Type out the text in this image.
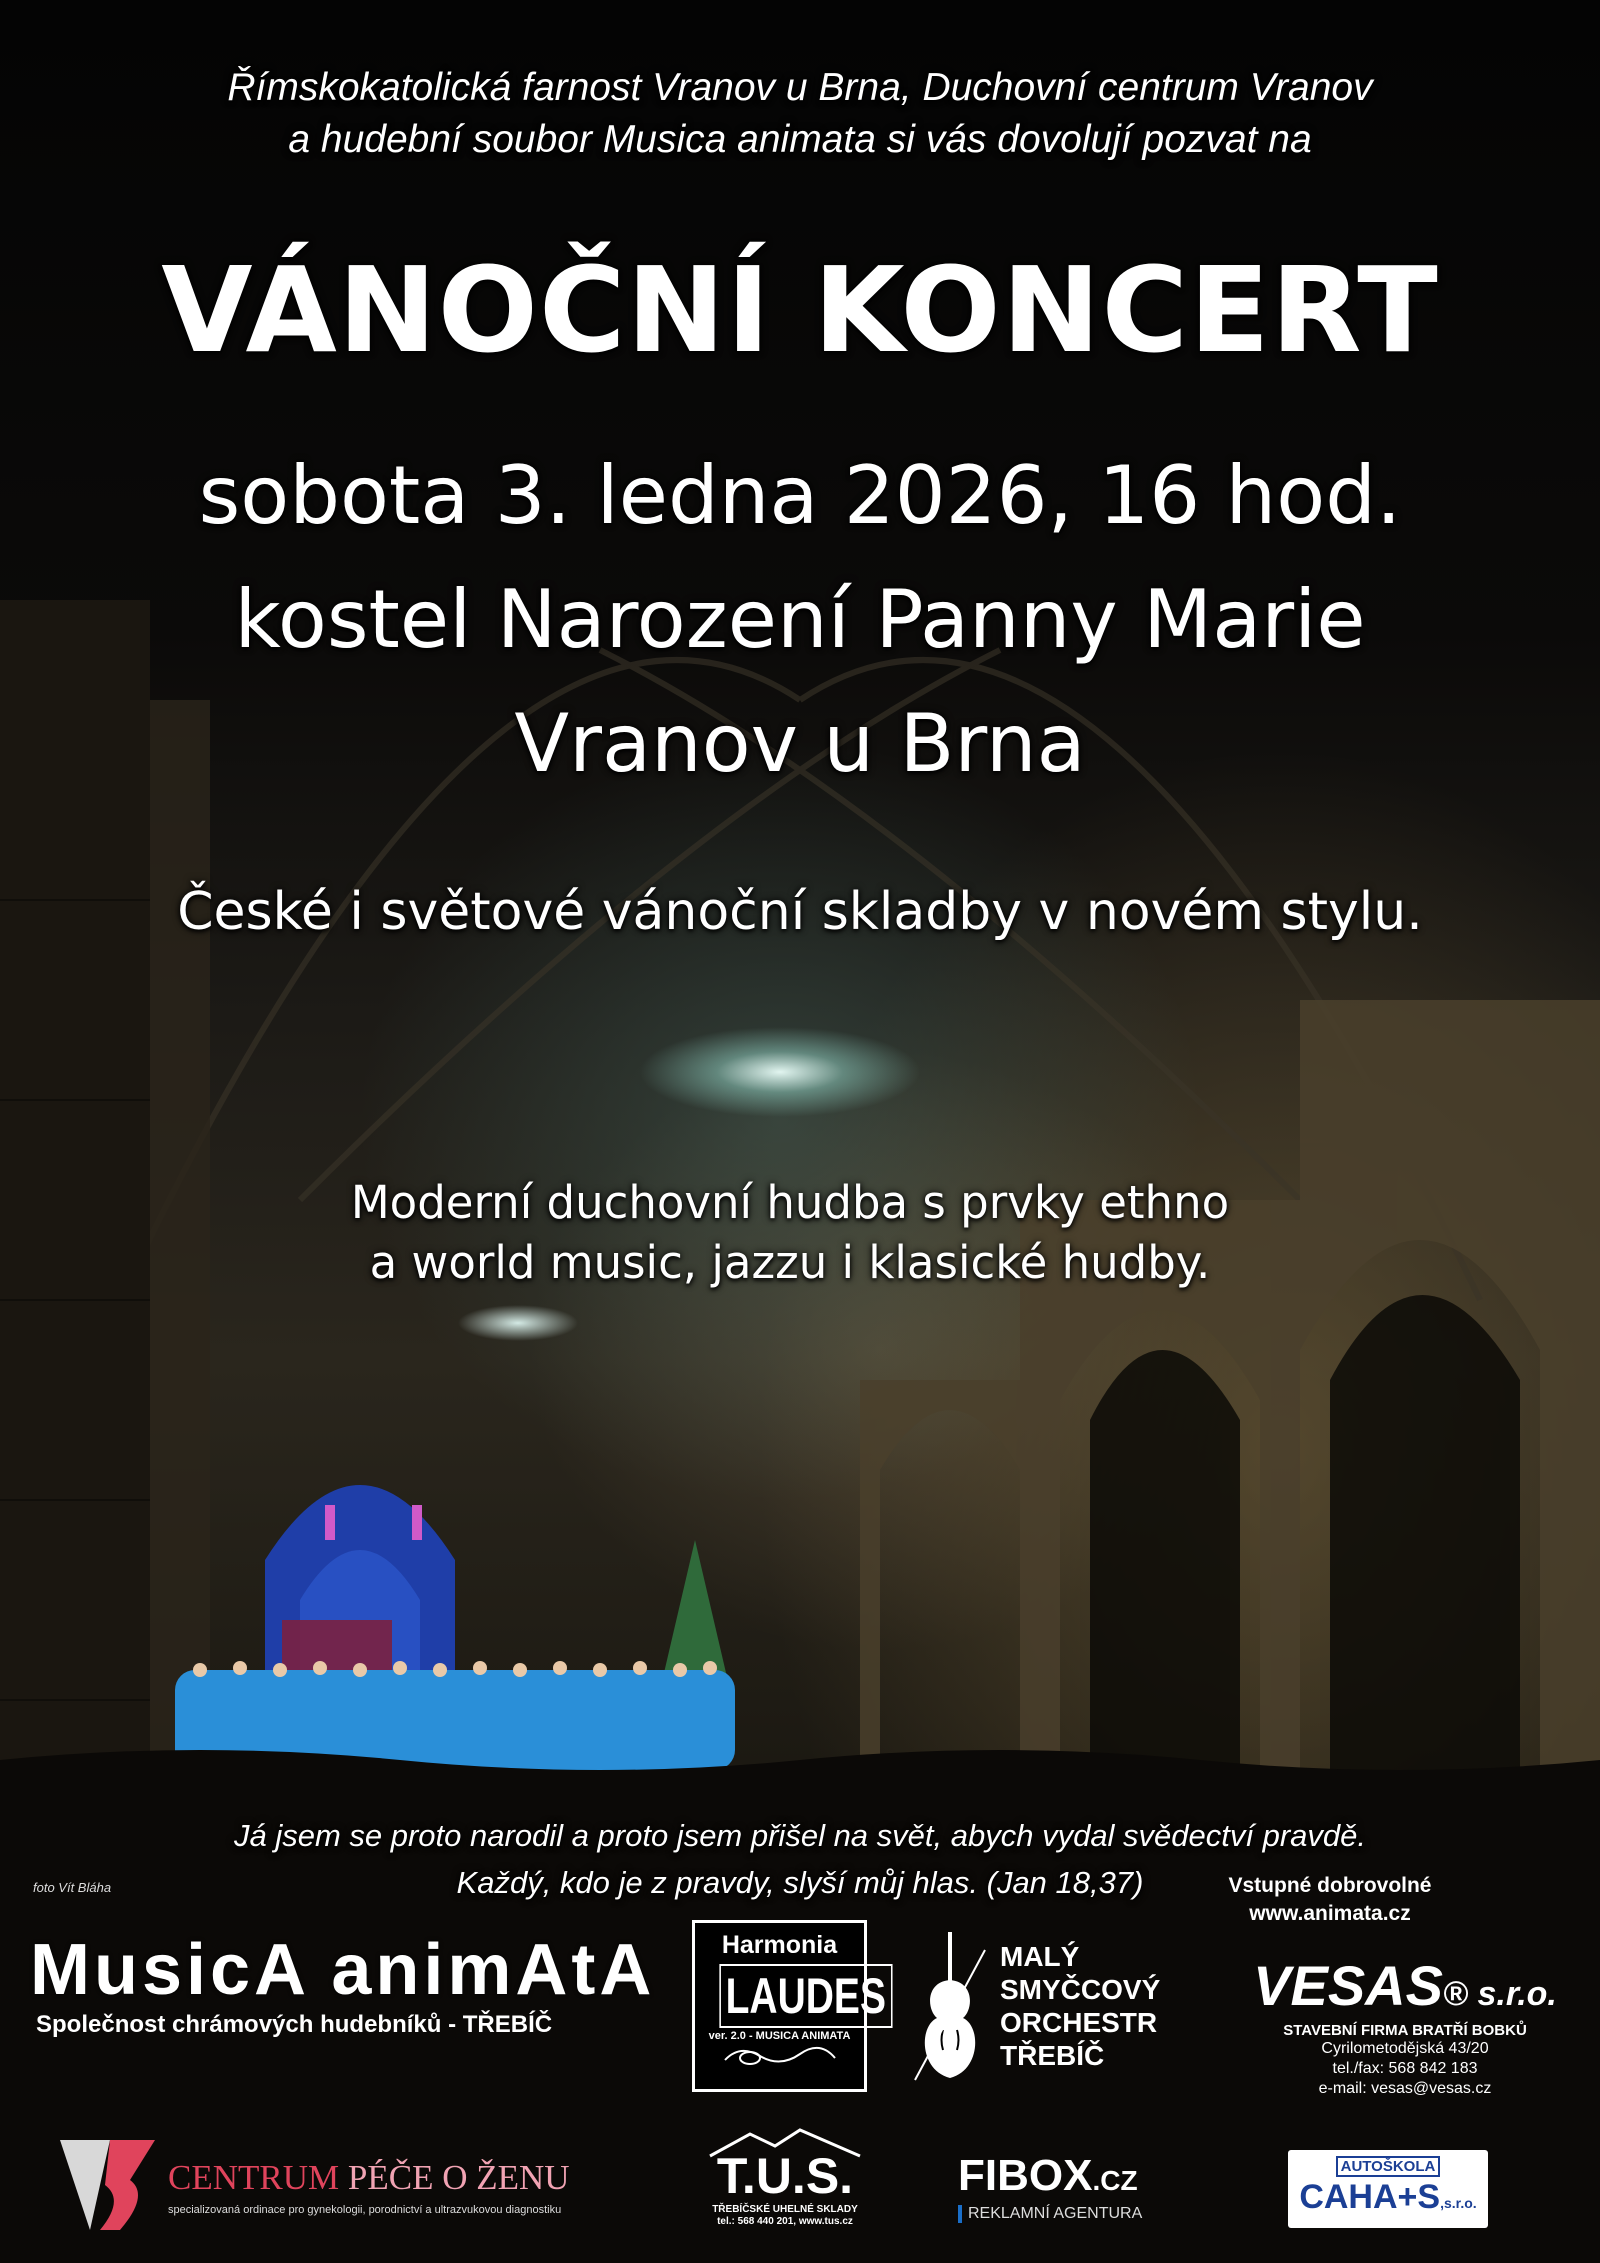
Římskokatolická farnost Vranov u Brna, Duchovní centrum Vranov
a hudební soubor Musica animata si vás dovolují pozvat na
VÁNOČNÍ KONCERT
sobota 3. ledna 2026, 16 hod.
kostel Narození Panny Marie
Vranov u Brna
České i světové vánoční skladby v novém stylu.
Moderní duchovní hudba s prvky ethno
a world music, jazzu i klasické hudby.
Já jsem se proto narodil a proto jsem přišel na svět, abych vydal svědectví pravdě.
Každý, kdo je z pravdy, slyší můj hlas. (Jan 18,37)
foto Vít Bláha	Vstupné dobrovolné
www.animata.cz
MusicA animAtA
Společnost chrámových hudebníků - TŘEBÍČ
Harmonia
LAUDES
ver. 2.0 - MUSICA ANIMATA
MALÝ
SMYČCOVÝ
ORCHESTR
TŘEBÍČ
VESAS® s.r.o.
STAVEBNÍ FIRMA BRATŘÍ BOBKŮ
Cyrilometodějská 43/20
tel./fax: 568 842 183
e-mail: vesas@vesas.cz
CENTRUM PÉČE O ŽENU
specializovaná ordinace pro gynekologii, porodnictví a ultrazvukovou diagnostiku
T.U.S.
TŘEBÍČSKÉ UHELNÉ SKLADY
tel.: 568 440 201, www.tus.cz
FIBOX.CZ
REKLAMNÍ AGENTURA
AUTOŠKOLA
CAHA+S,s.r.o.
